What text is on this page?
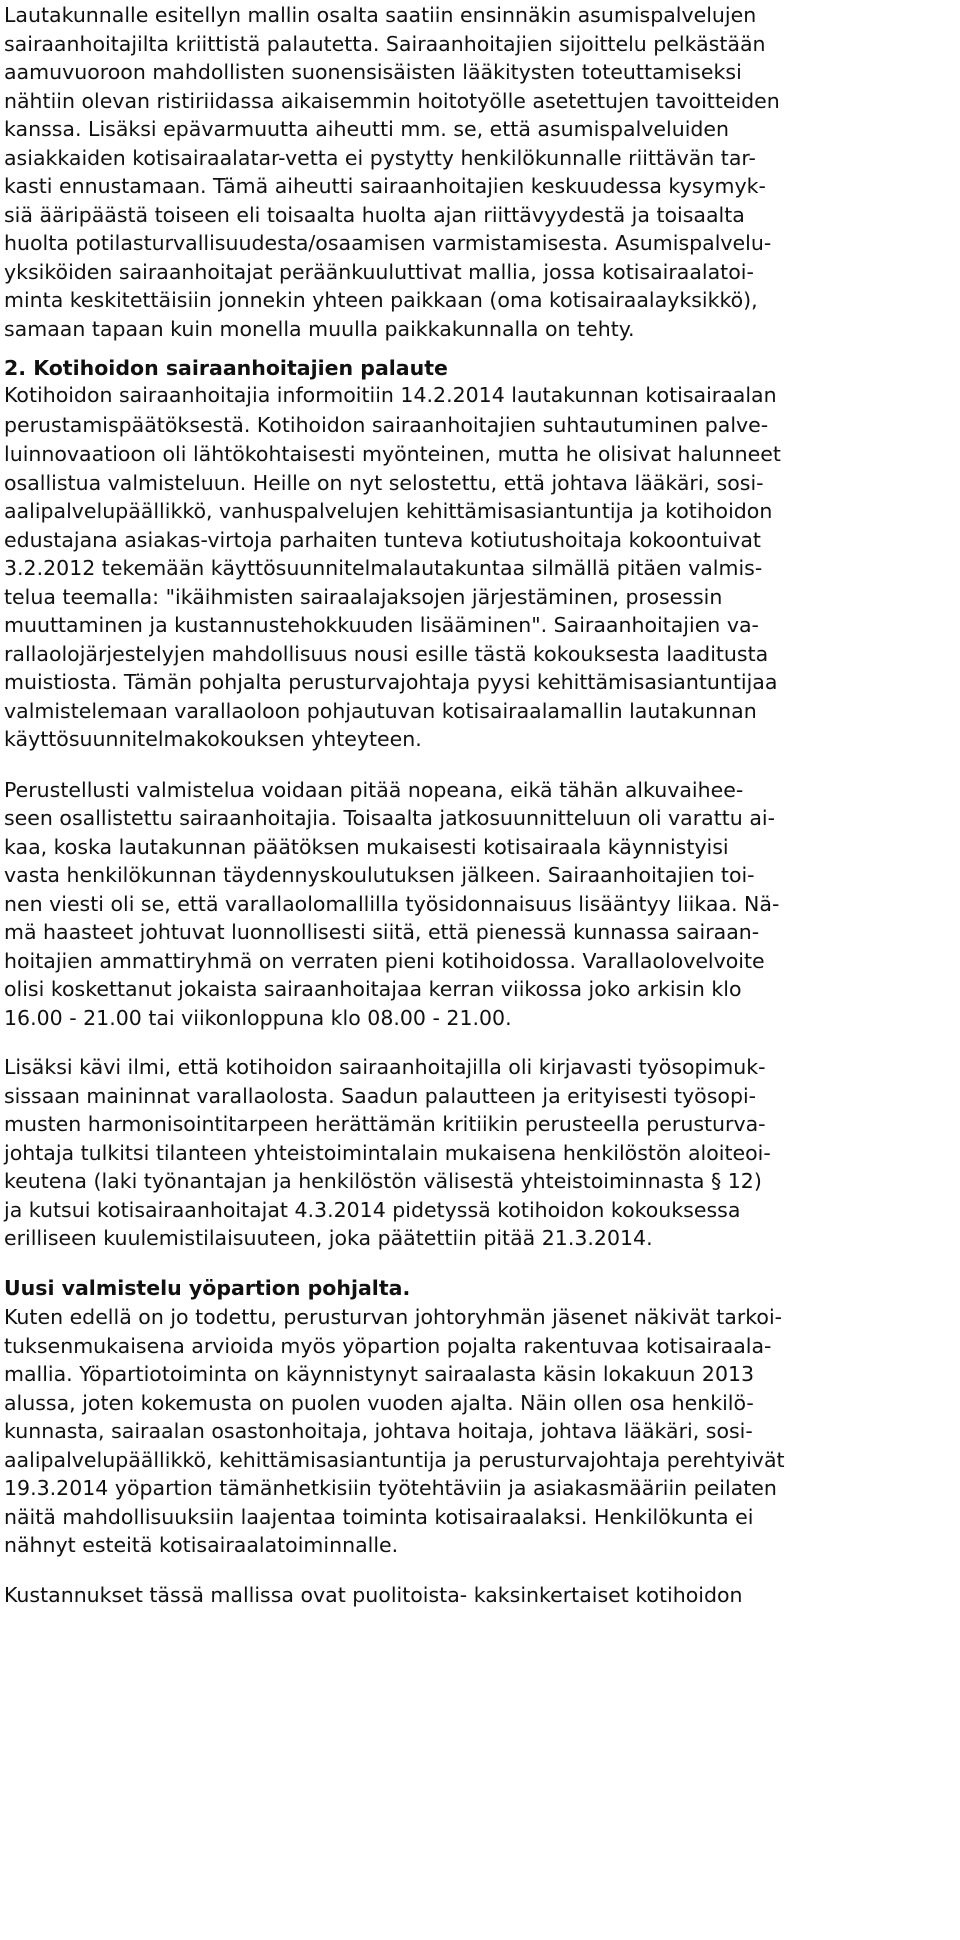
Lautakunnalle esitellyn mallin osalta saatiin ensinnäkin asumispalvelujen
sairaanhoitajilta kriittistä palautetta. Sairaanhoitajien sijoittelu pelkästään
aamuvuoroon mahdollisten suonensisäisten lääkitysten toteuttamiseksi
nähtiin olevan ristiriidassa aikaisemmin hoitotyölle asetettujen tavoitteiden
kanssa. Lisäksi epävarmuutta aiheutti mm. se, että asumispalveluiden
asiakkaiden kotisairaalatar-vetta ei pystytty henkilökunnalle riittävän tar-
kasti ennustamaan. Tämä aiheutti sairaanhoitajien keskuudessa kysymyk-
siä ääripäästä toiseen eli toisaalta huolta ajan riittävyydestä ja toisaalta
huolta potilasturvallisuudesta/osaamisen varmistamisesta. Asumispalvelu-
yksiköiden sairaanhoitajat peräänkuuluttivat mallia, jossa kotisairaalatoi-
minta keskitettäisiin jonnekin yhteen paikkaan (oma kotisairaalayksikkö),
samaan tapaan kuin monella muulla paikkakunnalla on tehty.
2. Kotihoidon sairaanhoitajien palaute
Kotihoidon sairaanhoitajia informoitiin 14.2.2014 lautakunnan kotisairaalan
perustamispäätöksestä. Kotihoidon sairaanhoitajien suhtautuminen palve-
luinnovaatioon oli lähtökohtaisesti myönteinen, mutta he olisivat halunneet
osallistua valmisteluun. Heille on nyt selostettu, että johtava lääkäri, sosi-
aalipalvelupäällikkö, vanhuspalvelujen kehittämisasiantuntija ja kotihoidon
edustajana asiakas-virtoja parhaiten tunteva kotiutushoitaja kokoontuivat
3.2.2012 tekemään käyttösuunnitelmalautakuntaa silmällä pitäen valmis-
telua teemalla: "ikäihmisten sairaalajaksojen järjestäminen, prosessin
muuttaminen ja kustannustehokkuuden lisääminen". Sairaanhoitajien va-
rallaolojärjestelyjen mahdollisuus nousi esille tästä kokouksesta laaditusta
muistiosta. Tämän pohjalta perusturvajohtaja pyysi kehittämisasiantuntijaa
valmistelemaan varallaoloon pohjautuvan kotisairaalamallin lautakunnan
käyttösuunnitelmakokouksen yhteyteen.
Perustellusti valmistelua voidaan pitää nopeana, eikä tähän alkuvaihee-
seen osallistettu sairaanhoitajia. Toisaalta jatkosuunnitteluun oli varattu ai-
kaa, koska lautakunnan päätöksen mukaisesti kotisairaala käynnistyisi
vasta henkilökunnan täydennyskoulutuksen jälkeen. Sairaanhoitajien toi-
nen viesti oli se, että varallaolomallilla työsidonnaisuus lisääntyy liikaa. Nä-
mä haasteet johtuvat luonnollisesti siitä, että pienessä kunnassa sairaan-
hoitajien ammattiryhmä on verraten pieni kotihoidossa. Varallaolovelvoite
olisi koskettanut jokaista sairaanhoitajaa kerran viikossa joko arkisin klo
16.00 - 21.00 tai viikonloppuna klo 08.00 - 21.00.
Lisäksi kävi ilmi, että kotihoidon sairaanhoitajilla oli kirjavasti työsopimuk-
sissaan maininnat varallaolosta. Saadun palautteen ja erityisesti työsopi-
musten harmonisointitarpeen herättämän kritiikin perusteella perusturva-
johtaja tulkitsi tilanteen yhteistoimintalain mukaisena henkilöstön aloiteoi-
keutena (laki työnantajan ja henkilöstön välisestä yhteistoiminnasta § 12)
ja kutsui kotisairaanhoitajat 4.3.2014 pidetyssä kotihoidon kokouksessa
erilliseen kuulemistilaisuuteen, joka päätettiin pitää 21.3.2014.
Uusi valmistelu yöpartion pohjalta.
Kuten edellä on jo todettu, perusturvan johtoryhmän jäsenet näkivät tarkoi-
tuksenmukaisena arvioida myös yöpartion pojalta rakentuvaa kotisairaala-
mallia. Yöpartiotoiminta on käynnistynyt sairaalasta käsin lokakuun 2013
alussa, joten kokemusta on puolen vuoden ajalta. Näin ollen osa henkilö-
kunnasta, sairaalan osastonhoitaja, johtava hoitaja, johtava lääkäri, sosi-
aalipalvelupäällikkö, kehittämisasiantuntija ja perusturvajohtaja perehtyivät
19.3.2014 yöpartion tämänhetkisiin työtehtäviin ja asiakasmääriin peilaten
näitä mahdollisuuksiin laajentaa toiminta kotisairaalaksi. Henkilökunta ei
nähnyt esteitä kotisairaalatoiminnalle.
Kustannukset tässä mallissa ovat puolitoista- kaksinkertaiset kotihoidon
